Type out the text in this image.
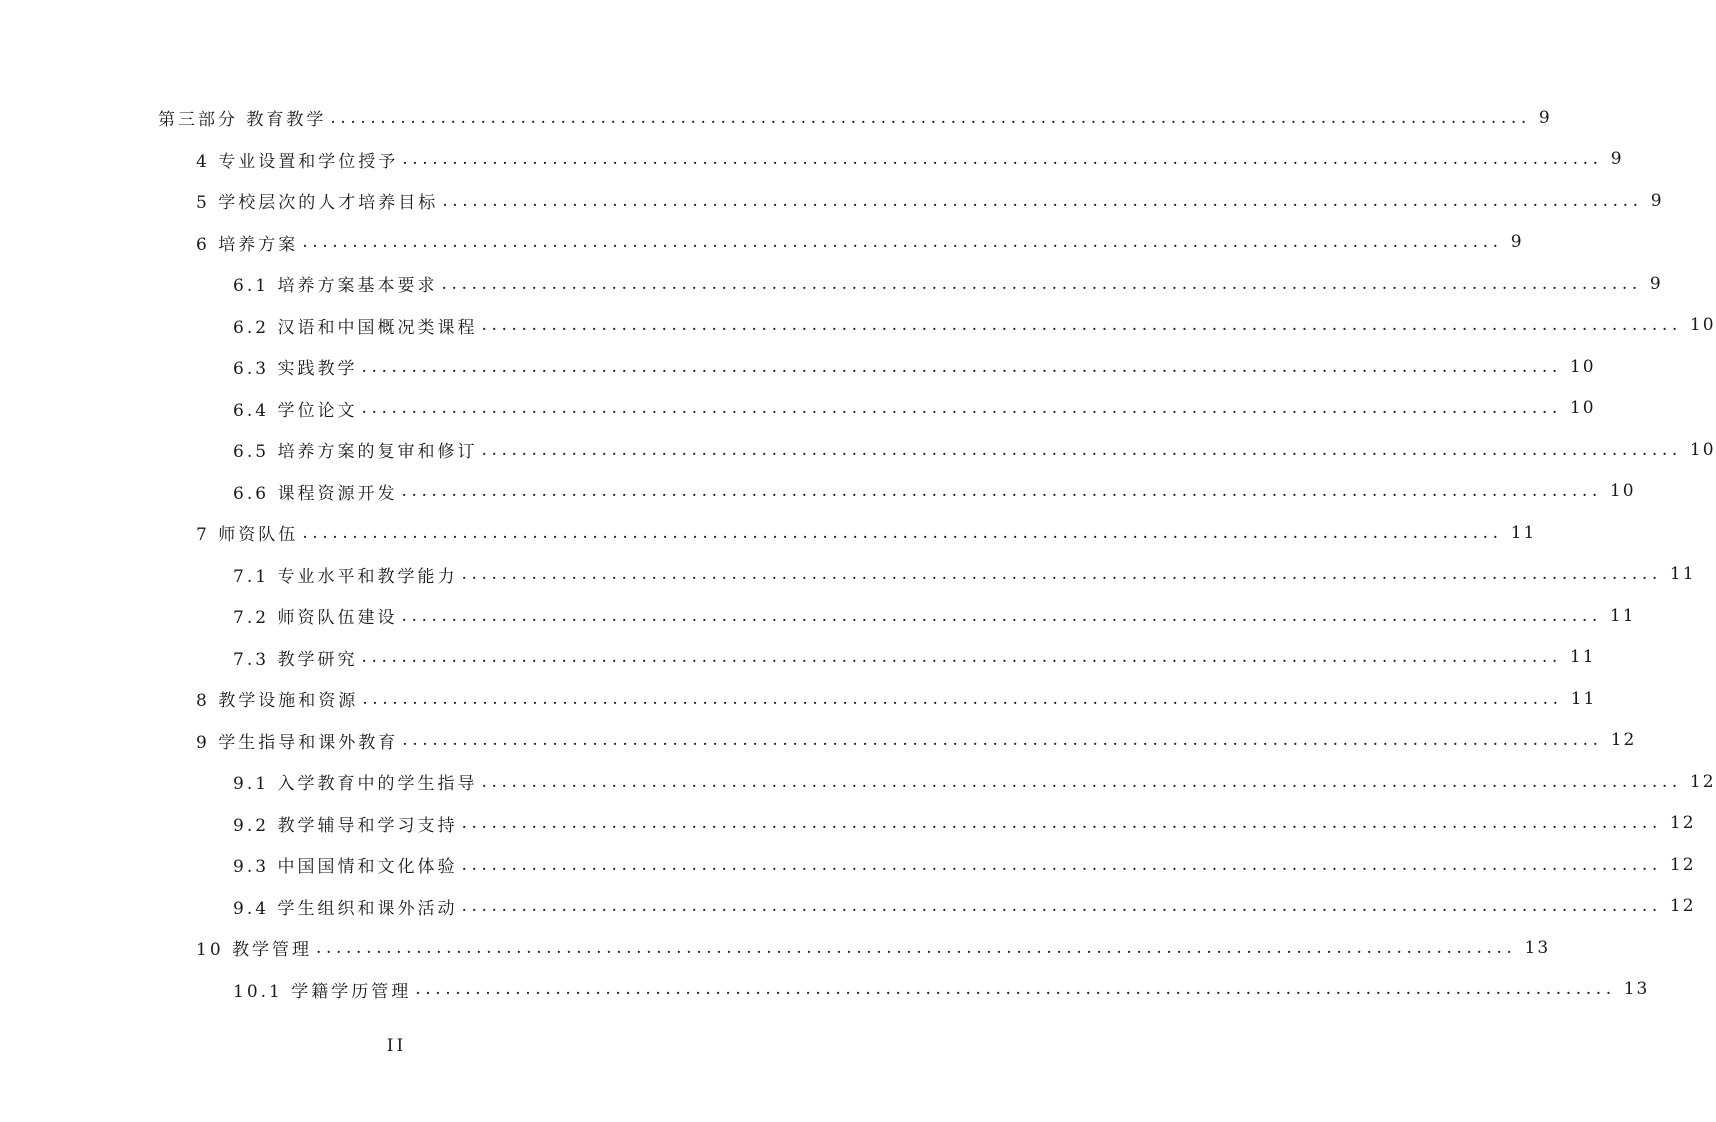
第三部分 教育教学 ........................................................................................................................ 9
4 专业设置和学位授予 ........................................................................................................................ 9
5 学校层次的人才培养目标 ........................................................................................................................ 9
6 培养方案 ........................................................................................................................ 9
6.1 培养方案基本要求 ........................................................................................................................ 9
6.2 汉语和中国概况类课程 ........................................................................................................................ 10
6.3 实践教学 ........................................................................................................................ 10
6.4 学位论文 ........................................................................................................................ 10
6.5 培养方案的复审和修订 ........................................................................................................................ 10
6.6 课程资源开发 ........................................................................................................................ 10
7 师资队伍 ........................................................................................................................ 11
7.1 专业水平和教学能力 ........................................................................................................................ 11
7.2 师资队伍建设 ........................................................................................................................ 11
7.3 教学研究 ........................................................................................................................ 11
8 教学设施和资源 ........................................................................................................................ 11
9 学生指导和课外教育 ........................................................................................................................ 12
9.1 入学教育中的学生指导 ........................................................................................................................ 12
9.2 教学辅导和学习支持 ........................................................................................................................ 12
9.3 中国国情和文化体验 ........................................................................................................................ 12
9.4 学生组织和课外活动 ........................................................................................................................ 12
10 教学管理 ........................................................................................................................ 13
10.1 学籍学历管理 ........................................................................................................................ 13
II
